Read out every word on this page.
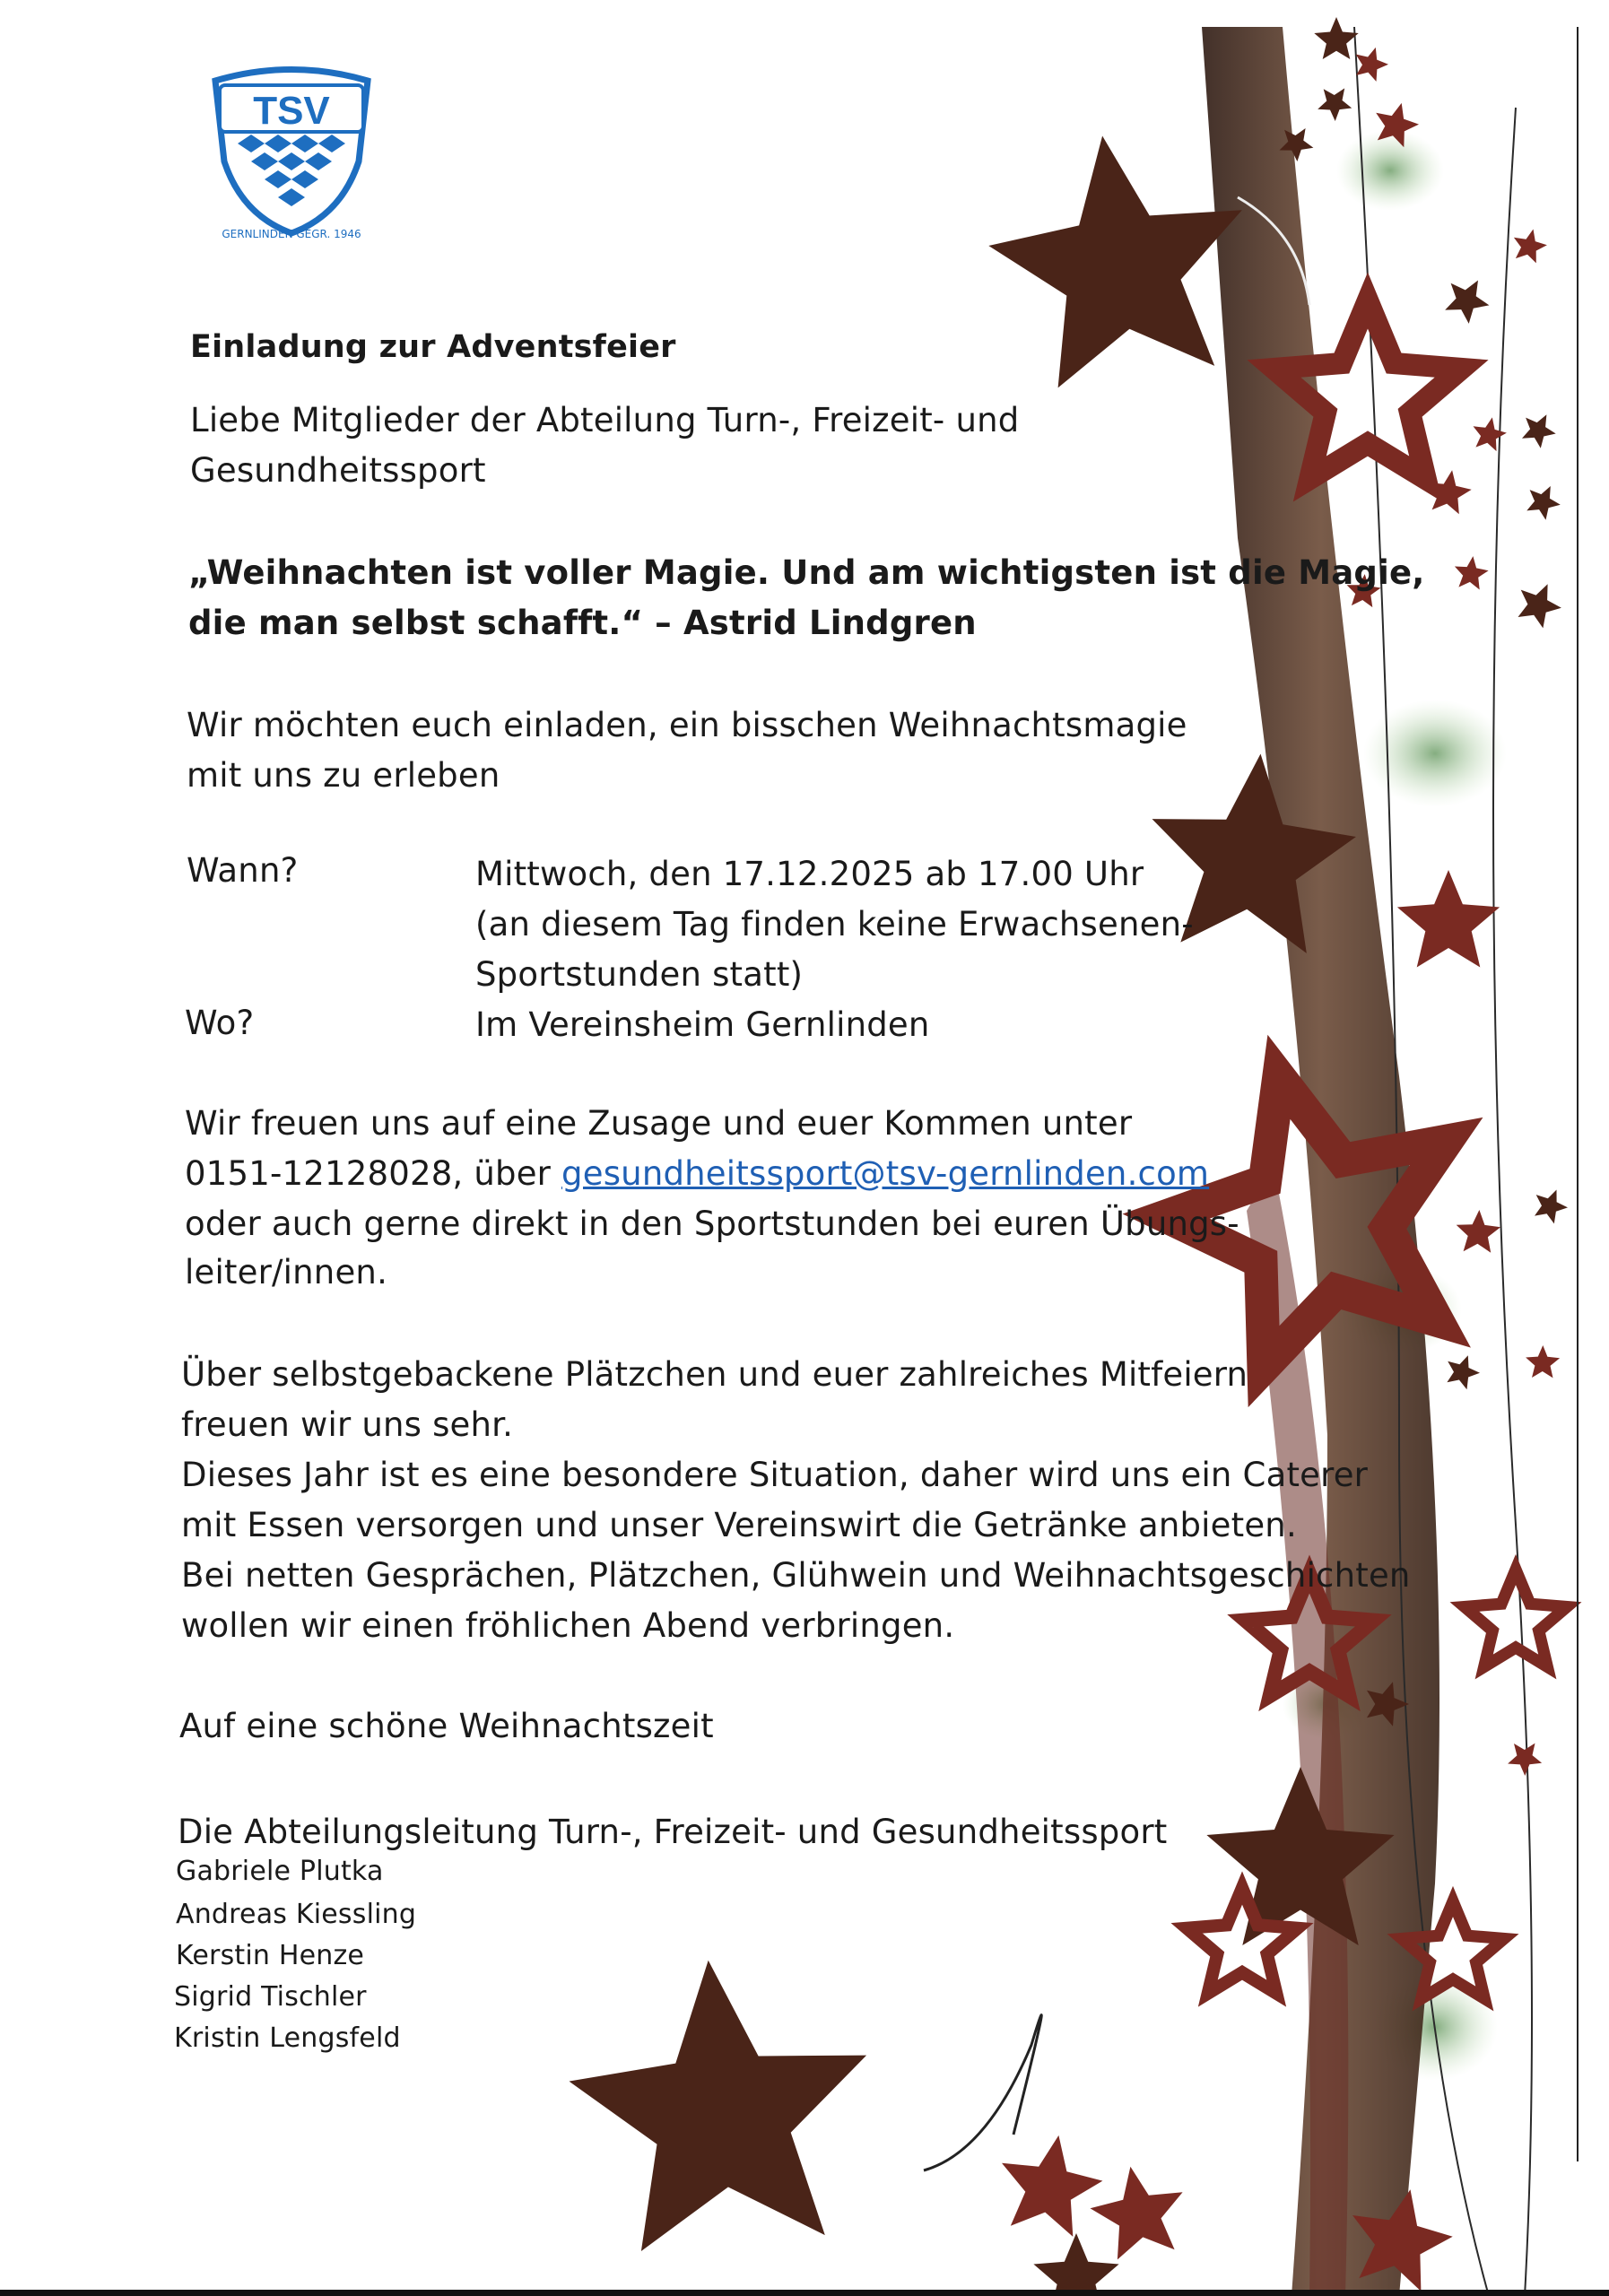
TSV
GERNLINDEN GEGR. 1946
Einladung zur Adventsfeier
Liebe Mitglieder der Abteilung Turn-, Freizeit- und
Gesundheitssport
„Weihnachten ist voller Magie. Und am wichtigsten ist die Magie,
die man selbst schafft.“ – Astrid Lindgren
Wir möchten euch einladen, ein bisschen Weihnachtsmagie
mit uns zu erleben
Wann?	Mittwoch, den 17.12.2025 ab 17.00 Uhr
(an diesem Tag finden keine Erwachsenen-
Sportstunden statt)
Wo?	Im Vereinsheim Gernlinden
Wir freuen uns auf eine Zusage und euer Kommen unter
0151-12128028, über gesundheitssport@tsv-gernlinden.com
oder auch gerne direkt in den Sportstunden bei euren Übungs-
leiter/innen.
Über selbstgebackene Plätzchen und euer zahlreiches Mitfeiern
freuen wir uns sehr.
Dieses Jahr ist es eine besondere Situation, daher wird uns ein Caterer
mit Essen versorgen und unser Vereinswirt die Getränke anbieten.
Bei netten Gesprächen, Plätzchen, Glühwein und Weihnachtsgeschichten
wollen wir einen fröhlichen Abend verbringen.
Auf eine schöne Weihnachtszeit
Die Abteilungsleitung Turn-, Freizeit- und Gesundheitssport
Gabriele Plutka
Andreas Kiessling
Kerstin Henze
Sigrid Tischler
Kristin Lengsfeld
